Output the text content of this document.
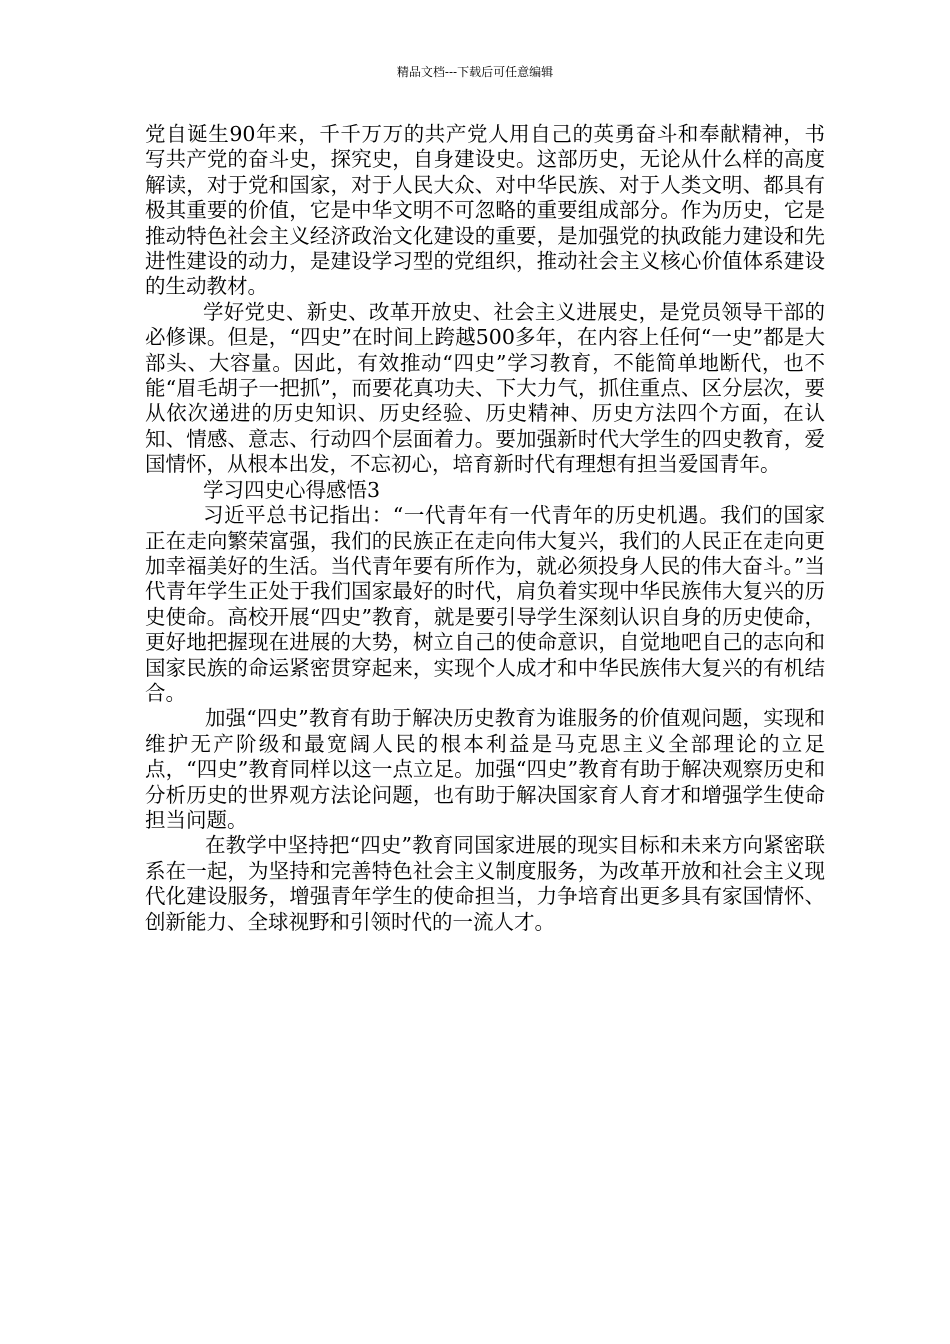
精品文档---下载后可任意编辑

党自诞生90年来，千千万万的共产党人用自己的英勇奋斗和奉献精神，书写共产党的奋斗史，探究史，自身建设史。这部历史，无论从什么样的高度解读，对于党和国家，对于人民大众、对中华民族、对于人类文明、都具有极其重要的价值，它是中华文明不可忽略的重要组成部分。作为历史，它是推动特色社会主义经济政治文化建设的重要，是加强党的执政能力建设和先进性建设的动力，是建设学习型的党组织，推动社会主义核心价值体系建设的生动教材。

学好党史、新史、改革开放史、社会主义进展史，是党员领导干部的必修课。但是，“四史”在时间上跨越500多年，在内容上任何“一史”都是大部头、大容量。因此，有效推动“四史”学习教育，不能简单地断代，也不能“眉毛胡子一把抓”，而要花真功夫、下大力气，抓住重点、区分层次，要从依次递进的历史知识、历史经验、历史精神、历史方法四个方面，在认知、情感、意志、行动四个层面着力。要加强新时代大学生的四史教育，爱国情怀，从根本出发，不忘初心，培育新时代有理想有担当爱国青年。

学习四史心得感悟3

习近平总书记指出：“一代青年有一代青年的历史机遇。我们的国家正在走向繁荣富强，我们的民族正在走向伟大复兴，我们的人民正在走向更加幸福美好的生活。当代青年要有所作为，就必须投身人民的伟大奋斗。”当代青年学生正处于我们国家最好的时代，肩负着实现中华民族伟大复兴的历史使命。高校开展“四史”教育，就是要引导学生深刻认识自身的历史使命，更好地把握现在进展的大势，树立自己的使命意识，自觉地吧自己的志向和国家民族的命运紧密贯穿起来，实现个人成才和中华民族伟大复兴的有机结合。

加强“四史”教育有助于解决历史教育为谁服务的价值观问题，实现和维护无产阶级和最宽阔人民的根本利益是马克思主义全部理论的立足点，“四史”教育同样以这一点立足。加强“四史”教育有助于解决观察历史和分析历史的世界观方法论问题，也有助于解决国家育人育才和增强学生使命担当问题。

在教学中坚持把“四史”教育同国家进展的现实目标和未来方向紧密联系在一起，为坚持和完善特色社会主义制度服务，为改革开放和社会主义现代化建设服务，增强青年学生的使命担当，力争培育出更多具有家国情怀、创新能力、全球视野和引领时代的一流人才。
